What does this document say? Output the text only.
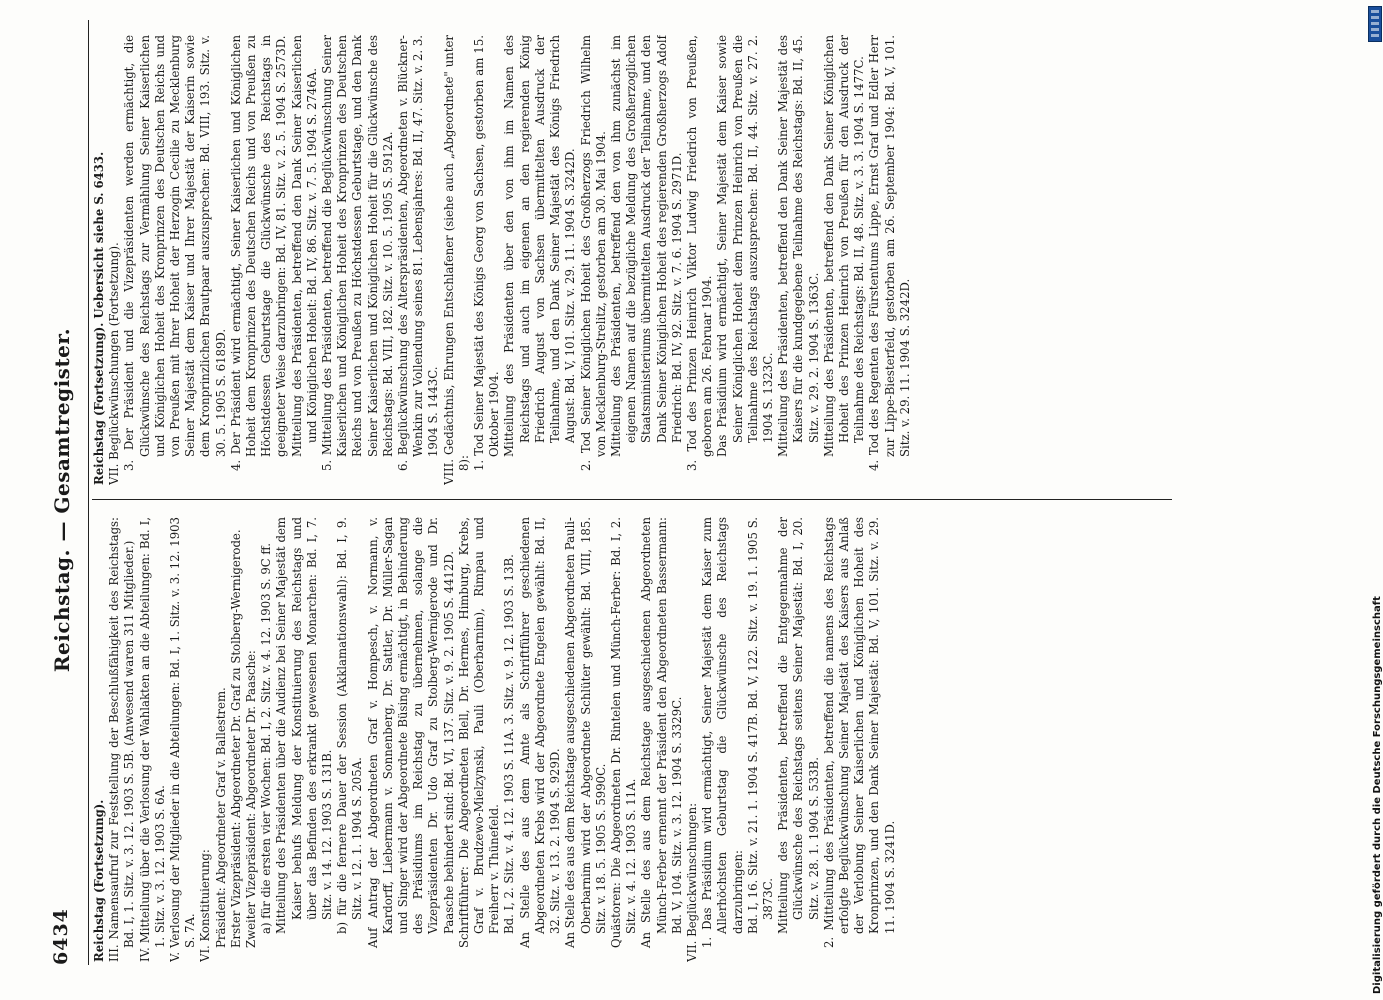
6434
Reichstag. — Gesamtregister.

Reichstag (Fortsetzung). III. Namensaufruf zur Feststellung der Beschlußfähigkeit des Reichstags: Bd. I, 1. Sitz. v. 3. 12. 1903 S. 5B. (Anwesend waren 311 Mitglieder.) IV. Mitteilung über die Verlosung der Wahlakten an die Abteilungen: Bd. I, 1. Sitz. v. 3. 12. 1903 S. 6A. V. Verlosung der Mitglieder in die Abteilungen: Bd. I, 1. Sitz. v. 3. 12. 1903 S. 7A. VI. Konstituierung: Präsident: Abgeordneter Graf v. Ballestrem. Erster Vizepräsident: Abgeordneter Dr. Graf zu Stolberg-Wernigerode. Zweiter Vizepräsident: Abgeordneter Dr. Paasche: a) für die ersten vier Wochen: Bd. I, 2. Sitz. v. 4. 12. 1903 S. 9C ff. Mitteilung des Präsidenten über die Audienz bei Seiner Majestät dem Kaiser behufs Meldung der Konstituierung des Reichstags und über das Befinden des erkrankt gewesenen Monarchen: Bd. I, 7. Sitz. v. 14. 12. 1903 S. 131B. b) für die fernere Dauer der Session (Akklamationswahl): Bd. I, 9. Sitz. v. 12. 1. 1904 S. 205A. Auf Antrag der Abgeordneten Graf v. Hompesch, v. Normann, v. Kardorff, Liebermann v. Sonnenberg, Dr. Sattler, Dr. Müller-Sagan und Singer wird der Abgeordnete Büsing ermächtigt, in Behinderung des Präsidiums im Reichstag zu übernehmen, solange die Vizepräsidenten Dr. Udo Graf zu Stolberg-Wernigerode und Dr. Paasche behindert sind: Bd. VI, 137. Sitz. v. 9. 2. 1905 S. 4412D. Schriftführer: Die Abgeordneten Blell, Dr. Hermes, Himburg, Krebs, Graf v. Brudzewo-Mielzynski, Pauli (Oberbarnim), Rimpau und Freiherr v. Thünefeld. Bd. I, 2. Sitz. v. 4. 12. 1903 S. 11A. 3. Sitz. v. 9. 12. 1903 S. 13B. An Stelle des aus dem Amte als Schriftführer geschiedenen Abgeordneten Krebs wird der Abgeordnete Engelen gewählt: Bd. II, 32. Sitz. v. 13. 2. 1904 S. 929D. An Stelle des aus dem Reichstage ausgeschiedenen Abgeordneten Pauli-Oberbarnim wird der Abgeordnete Schlüter gewählt: Bd. VIII, 185. Sitz. v. 18. 5. 1905 S. 5990C. Quästoren: Die Abgeordneten Dr. Rintelen und Münch-Ferber: Bd. I, 2. Sitz. v. 4. 12. 1903 S. 11A. An Stelle des aus dem Reichstage ausgeschiedenen Abgeordneten Münch-Ferber ernennt der Präsident den Abgeordneten Bassermann: Bd. V, 104. Sitz. v. 3. 12. 1904 S. 3329C. VII. Beglückwünschungen: 1. Das Präsidium wird ermächtigt, Seiner Majestät dem Kaiser zum Allerhöchsten Geburtstag die Glückwünsche des Reichstags darzubringen: Bd. I, 16. Sitz. v. 21. 1. 1904 S. 417B. Bd. V, 122. Sitz. v. 19. 1. 1905 S. 3873C. Mitteilung des Präsidenten, betreffend die Entgegennahme der Glückwünsche des Reichstags seitens Seiner Majestät: Bd. I, 20. Sitz. v. 28. 1. 1904 S. 533B. 2. Mitteilung des Präsidenten, betreffend die namens des Reichstags erfolgte Beglückwünschung Seiner Majestät des Kaisers aus Anlaß der Verlobung Seiner Kaiserlichen und Königlichen Hoheit des Kronprinzen, und den Dank Seiner Majestät: Bd. V, 101. Sitz. v. 29. 11. 1904 S. 3241D.

Reichstag (Fortsetzung). Uebersicht siehe S. 6433. VII. Beglückwünschungen (Fortsetzung). 3. Der Präsident und die Vizepräsidenten werden ermächtigt, die Glückwünsche des Reichstags zur Vermählung Seiner Kaiserlichen und Königlichen Hoheit des Kronprinzen des Deutschen Reichs und von Preußen mit Ihrer Hoheit der Herzogin Cecilie zu Mecklenburg Seiner Majestät dem Kaiser und Ihrer Majestät der Kaiserin sowie dem Kronprinzlichen Brautpaar auszusprechen: Bd. VIII, 193. Sitz. v. 30. 5. 1905 S. 6189D. 4. Der Präsident wird ermächtigt, Seiner Kaiserlichen und Königlichen Hoheit dem Kronprinzen des Deutschen Reichs und von Preußen zu Höchstdessen Geburtstage die Glückwünsche des Reichstags in geeigneter Weise darzubringen: Bd. IV, 81. Sitz. v. 2. 5. 1904 S. 2573D. Mitteilung des Präsidenten, betreffend den Dank Seiner Kaiserlichen und Königlichen Hoheit: Bd. IV, 86. Sitz. v. 7. 5. 1904 S. 2746A. 5. Mitteilung des Präsidenten, betreffend die Beglückwünschung Seiner Kaiserlichen und Königlichen Hoheit des Kronprinzen des Deutschen Reichs und von Preußen zu Höchstdessen Geburtstage, und den Dank Seiner Kaiserlichen und Königlichen Hoheit für die Glückwünsche des Reichstags: Bd. VIII, 182. Sitz. v. 10. 5. 1905 S. 5912A. 6. Beglückwünschung des Alterspräsidenten, Abgeordneten v. Blückner-Wenkin zur Vollendung seines 81. Lebensjahres: Bd. II, 47. Sitz. v. 2. 3. 1904 S. 1443C. VIII. Gedächtnis, Ehrungen Entschlafener (siehe auch „Abgeordnete" unter 8): 1. Tod Seiner Majestät des Königs Georg von Sachsen, gestorben am 15. Oktober 1904. Mitteilung des Präsidenten über den von ihm im Namen des Reichstags und auch im eigenen an den regierenden König Friedrich August von Sachsen übermittelten Ausdruck der Teilnahme, und den Dank Seiner Majestät des Königs Friedrich August: Bd. V, 101. Sitz. v. 29. 11. 1904 S. 3242D. 2. Tod Seiner Königlichen Hoheit des Großherzogs Friedrich Wilhelm von Mecklenburg-Strelitz, gestorben am 30. Mai 1904. Mitteilung des Präsidenten, betreffend den von ihm zunächst im eigenen Namen auf die bezügliche Meldung des Großherzoglichen Staatsministeriums übermittelten Ausdruck der Teilnahme, und den Dank Seiner Königlichen Hoheit des regierenden Großherzogs Adolf Friedrich: Bd. IV, 92. Sitz. v. 7. 6. 1904 S. 2971D. 3. Tod des Prinzen Heinrich Viktor Ludwig Friedrich von Preußen, geboren am 26. Februar 1904. Das Präsidium wird ermächtigt, Seiner Majestät dem Kaiser sowie Seiner Königlichen Hoheit dem Prinzen Heinrich von Preußen die Teilnahme des Reichstags auszusprechen: Bd. II, 44. Sitz. v. 27. 2. 1904 S. 1323C. Mitteilung des Präsidenten, betreffend den Dank Seiner Majestät des Kaisers für die kundgegebene Teilnahme des Reichstags: Bd. II, 45. Sitz. v. 29. 2. 1904 S. 1363C. Mitteilung des Präsidenten, betreffend den Dank Seiner Königlichen Hoheit des Prinzen Heinrich von Preußen für den Ausdruck der Teilnahme des Reichstags: Bd. II, 48. Sitz. v. 3. 3. 1904 S. 1477C. 4. Tod des Regenten des Fürstentums Lippe, Ernst Graf und Edler Herr zur Lippe-Biesterfeld, gestorben am 26. September 1904: Bd. V, 101. Sitz. v. 29. 11. 1904 S. 3242D.

Digitalisierung gefördert durch die Deutsche Forschungsgemeinschaft
